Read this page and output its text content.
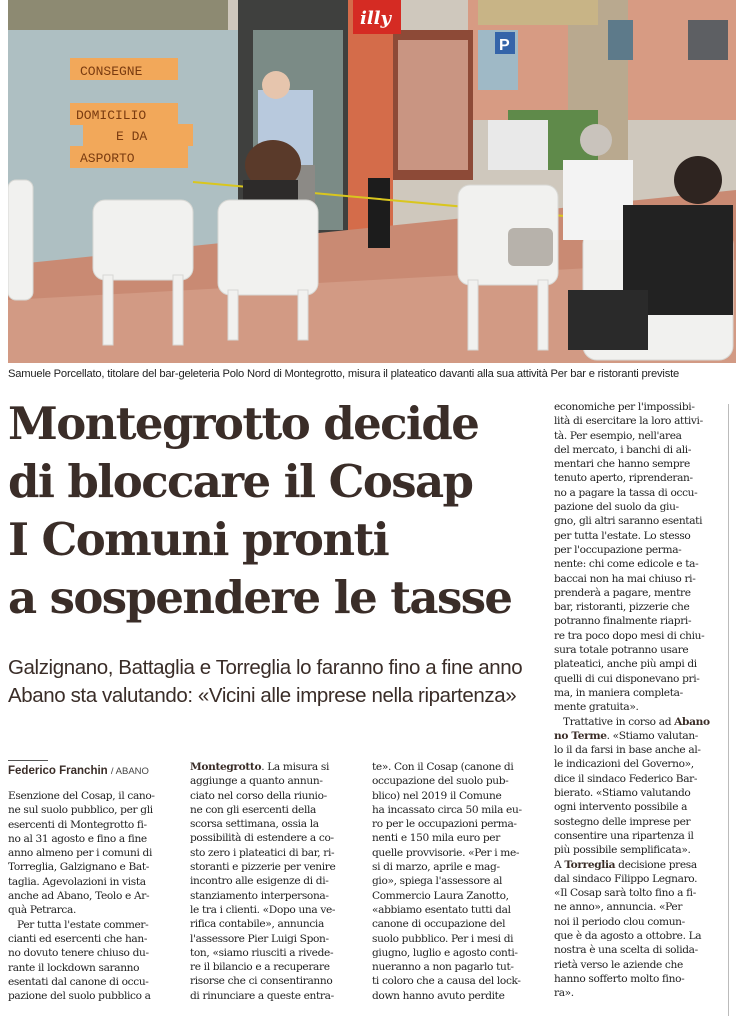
illy
P
CONSEGNE
DOMICILIO
E DA
ASPORTO
Samuele Porcellato, titolare del bar-geleteria Polo Nord di Montegrotto, misura il plateatico davanti alla sua attività Per bar e ristoranti previste
Montegrotto decide
di bloccare il Cosap
I Comuni pronti
a sospendere le tasse
Galzignano, Battaglia e Torreglia lo faranno fino a fine anno
Abano sta valutando: «Vicini alle imprese nella ripartenza»
Federico Franchin / ABANO
Esenzione del Cosap, il cano-
ne sul suolo pubblico, per gli
esercenti di Montegrotto fi-
no al 31 agosto e fino a fine
anno almeno per i comuni di
Torreglia, Galzignano e Bat-
taglia. Agevolazioni in vista
anche ad Abano, Teolo e Ar-
quà Petrarca.
Per tutta l'estate commer-
cianti ed esercenti che han-
no dovuto tenere chiuso du-
rante il lockdown saranno
esentati dal canone di occu-
pazione del suolo pubblico a
Montegrotto. La misura si
aggiunge a quanto annun-
ciato nel corso della riunio-
ne con gli esercenti della
scorsa settimana, ossia la
possibilità di estendere a co-
sto zero i plateatici di bar, ri-
storanti e pizzerie per venire
incontro alle esigenze di di-
stanziamento interpersona-
le tra i clienti. «Dopo una ve-
rifica contabile», annuncia
l'assessore Pier Luigi Spon-
ton, «siamo riusciti a rivede-
re il bilancio e a recuperare
risorse che ci consentiranno
di rinunciare a queste entra-
te». Con il Cosap (canone di
occupazione del suolo pub-
blico) nel 2019 il Comune
ha incassato circa 50 mila eu-
ro per le occupazioni perma-
nenti e 150 mila euro per
quelle provvisorie. «Per i me-
si di marzo, aprile e mag-
gio», spiega l'assessore al
Commercio Laura Zanotto,
«abbiamo esentato tutti dal
canone di occupazione del
suolo pubblico. Per i mesi di
giugno, luglio e agosto conti-
nueranno a non pagarlo tut-
ti coloro che a causa del lock-
down hanno avuto perdite
economiche per l'impossibi-
lità di esercitare la loro attivi-
tà. Per esempio, nell'area
del mercato, i banchi di ali-
mentari che hanno sempre
tenuto aperto, riprenderan-
no a pagare la tassa di occu-
pazione del suolo da giu-
gno, gli altri saranno esentati
per tutta l'estate. Lo stesso
per l'occupazione perma-
nente: chi come edicole e ta-
baccai non ha mai chiuso ri-
prenderà a pagare, mentre
bar, ristoranti, pizzerie che
potranno finalmente riapri-
re tra poco dopo mesi di chiu-
sura totale potranno usare
plateatici, anche più ampi di
quelli di cui disponevano pri-
ma, in maniera completa-
mente gratuita».
Trattative in corso ad Abano
no Terme. «Stiamo valutan-
lo il da farsi in base anche al-
le indicazioni del Governo»,
dice il sindaco Federico Bar-
bierato. «Stiamo valutando
ogni intervento possibile a
sostegno delle imprese per
consentire una ripartenza il
più possibile semplificata».
A Torreglia decisione presa
dal sindaco Filippo Legnaro.
«Il Cosap sarà tolto fino a fi-
ne anno», annuncia. «Per
noi il periodo clou comun-
que è da agosto a ottobre. La
nostra è una scelta di solida-
rietà verso le aziende che
hanno sofferto molto fino-
ra».
